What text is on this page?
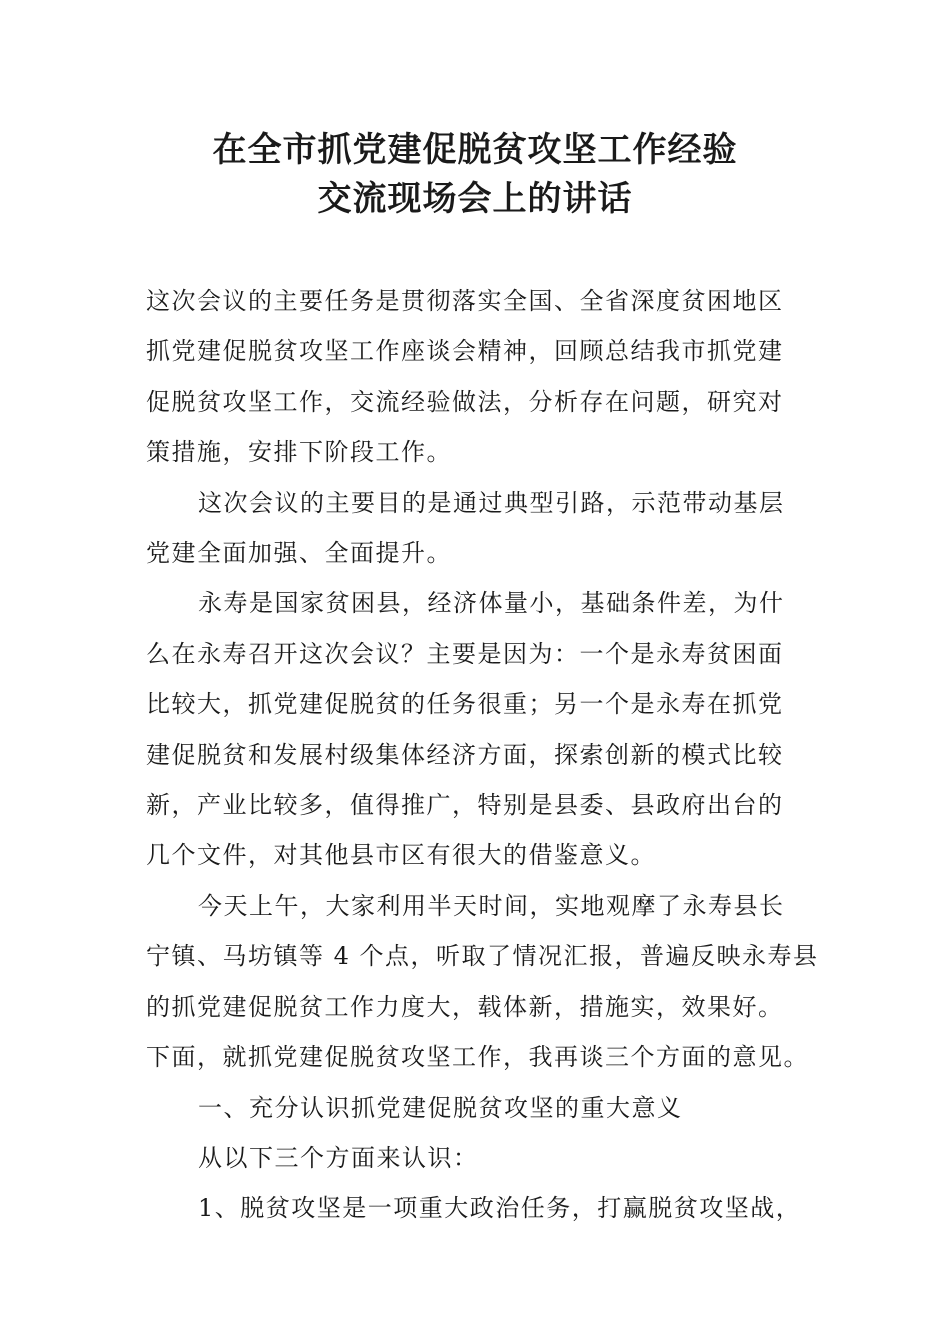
在全市抓党建促脱贫攻坚工作经验
交流现场会上的讲话

这次会议的主要任务是贯彻落实全国、全省深度贫困地区
抓党建促脱贫攻坚工作座谈会精神，回顾总结我市抓党建
促脱贫攻坚工作，交流经验做法，分析存在问题，研究对
策措施，安排下阶段工作。

这次会议的主要目的是通过典型引路，示范带动基层
党建全面加强、全面提升。

永寿是国家贫困县，经济体量小，基础条件差，为什
么在永寿召开这次会议？主要是因为：一个是永寿贫困面
比较大，抓党建促脱贫的任务很重；另一个是永寿在抓党
建促脱贫和发展村级集体经济方面，探索创新的模式比较
新，产业比较多，值得推广，特别是县委、县政府出台的
几个文件，对其他县市区有很大的借鉴意义。

今天上午，大家利用半天时间，实地观摩了永寿县长
宁镇、马坊镇等 4 个点，听取了情况汇报，普遍反映永寿县
的抓党建促脱贫工作力度大，载体新，措施实，效果好。
下面，就抓党建促脱贫攻坚工作，我再谈三个方面的意见。

一、充分认识抓党建促脱贫攻坚的重大意义

从以下三个方面来认识：

1、脱贫攻坚是一项重大政治任务，打赢脱贫攻坚战，
